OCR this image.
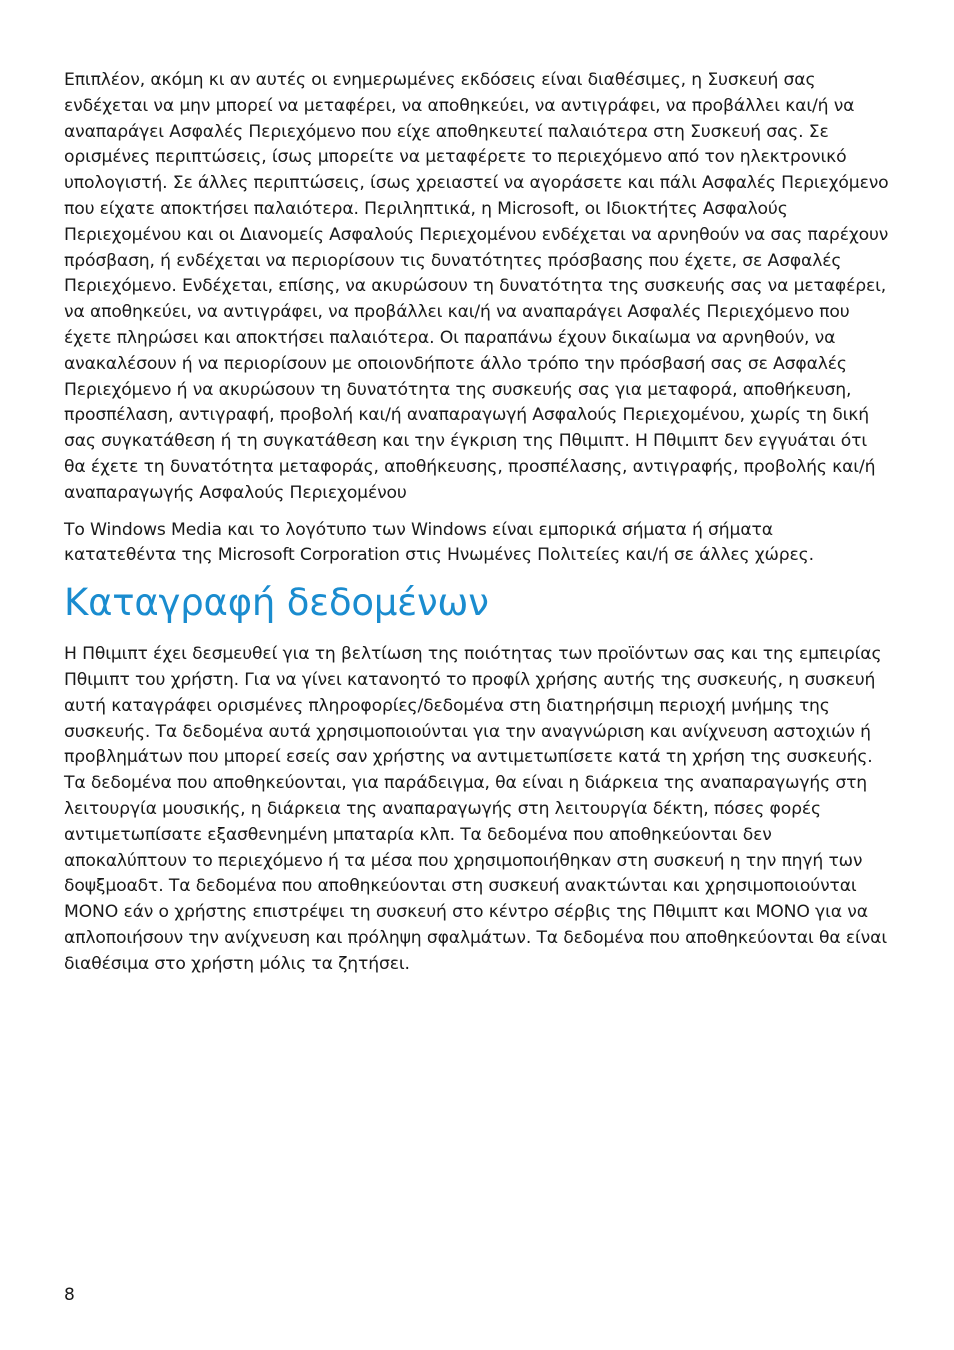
Επιπλέον, ακόμη κι αν αυτές οι ενημερωμένες εκδόσεις είναι διαθέσιμες, η Συσκευή σας ενδέχεται να μην μπορεί να μεταφέρει, να αποθηκεύει, να αντιγράφει, να προβάλλει και/ή να αναπαράγει Ασφαλές Περιεχόμενο που είχε αποθηκευτεί παλαιότερα στη Συσκευή σας. Σε ορισμένες περιπτώσεις, ίσως μπορείτε να μεταφέρετε το περιεχόμενο από τον ηλεκτρονικό υπολογιστή. Σε άλλες περιπτώσεις, ίσως χρειαστεί να αγοράσετε και πάλι Ασφαλές Περιεχόμενο που είχατε αποκτήσει παλαιότερα. Περιληπτικά, η Microsoft, οι Ιδιοκτήτες Ασφαλούς Περιεχομένου και οι Διανομείς Ασφαλούς Περιεχομένου ενδέχεται να αρνηθούν να σας παρέχουν πρόσβαση, ή ενδέχεται να περιορίσουν τις δυνατότητες πρόσβασης που έχετε, σε Ασφαλές Περιεχόμενο. Ενδέχεται, επίσης, να ακυρώσουν τη δυνατότητα της συσκευής σας να μεταφέρει, να αποθηκεύει, να αντιγράφει, να προβάλλει και/ή να αναπαράγει Ασφαλές Περιεχόμενο που έχετε πληρώσει και αποκτήσει παλαιότερα. Οι παραπάνω έχουν δικαίωμα να αρνηθούν, να ανακαλέσουν ή να περιορίσουν με οποιονδήποτε άλλο τρόπο την πρόσβασή σας σε Ασφαλές Περιεχόμενο ή να ακυρώσουν τη δυνατότητα της συσκευής σας για μεταφορά, αποθήκευση, προσπέλαση, αντιγραφή, προβολή και/ή αναπαραγωγή Ασφαλούς Περιεχομένου, χωρίς τη δική σας συγκατάθεση ή τη συγκατάθεση και την έγκριση της Πθιμιπτ. Η Πθιμιπτ δεν εγγυάται ότι θα έχετε τη δυνατότητα μεταφοράς, αποθήκευσης, προσπέλασης, αντιγραφής, προβολής και/ή αναπαραγωγής Ασφαλούς Περιεχομένου

Το Windows Media και το λογότυπο των Windows είναι εμπορικά σήματα ή σήματα κατατεθέντα της Microsoft Corporation στις Ηνωμένες Πολιτείες και/ή σε άλλες χώρες.

Καταγραφή δεδομένων

Η Πθιμιπτ έχει δεσμευθεί για τη βελτίωση της ποιότητας των προϊόντων σας και της εμπειρίας Πθιμιπτ του χρήστη. Για να γίνει κατανοητό το προφίλ χρήσης αυτής της συσκευής, η συσκευή αυτή καταγράφει ορισμένες πληροφορίες/δεδομένα στη διατηρήσιμη περιοχή μνήμης της συσκευής. Τα δεδομένα αυτά χρησιμοποιούνται για την αναγνώριση και ανίχνευση αστοχιών ή προβλημάτων που μπορεί εσείς σαν χρήστης να αντιμετωπίσετε κατά τη χρήση της συσκευής. Τα δεδομένα που αποθηκεύονται, για παράδειγμα, θα είναι η διάρκεια της αναπαραγωγής στη λειτουργία μουσικής, η διάρκεια της αναπαραγωγής στη λειτουργία δέκτη, πόσες φορές αντιμετωπίσατε εξασθενημένη μπαταρία κλπ. Τα δεδομένα που αποθηκεύονται δεν αποκαλύπτουν το περιεχόμενο ή τα μέσα που χρησιμοποιήθηκαν στη συσκευή η την πηγή των δοψξμοαδτ. Τα δεδομένα που αποθηκεύονται στη συσκευή ανακτώνται και χρησιμοποιούνται ΜΟΝΟ εάν ο χρήστης επιστρέψει τη συσκευή στο κέντρο σέρβις της Πθιμιπτ και ΜΟΝΟ για να απλοποιήσουν την ανίχνευση και πρόληψη σφαλμάτων. Τα δεδομένα που αποθηκεύονται θα είναι διαθέσιμα στο χρήστη μόλις τα ζητήσει.

8
